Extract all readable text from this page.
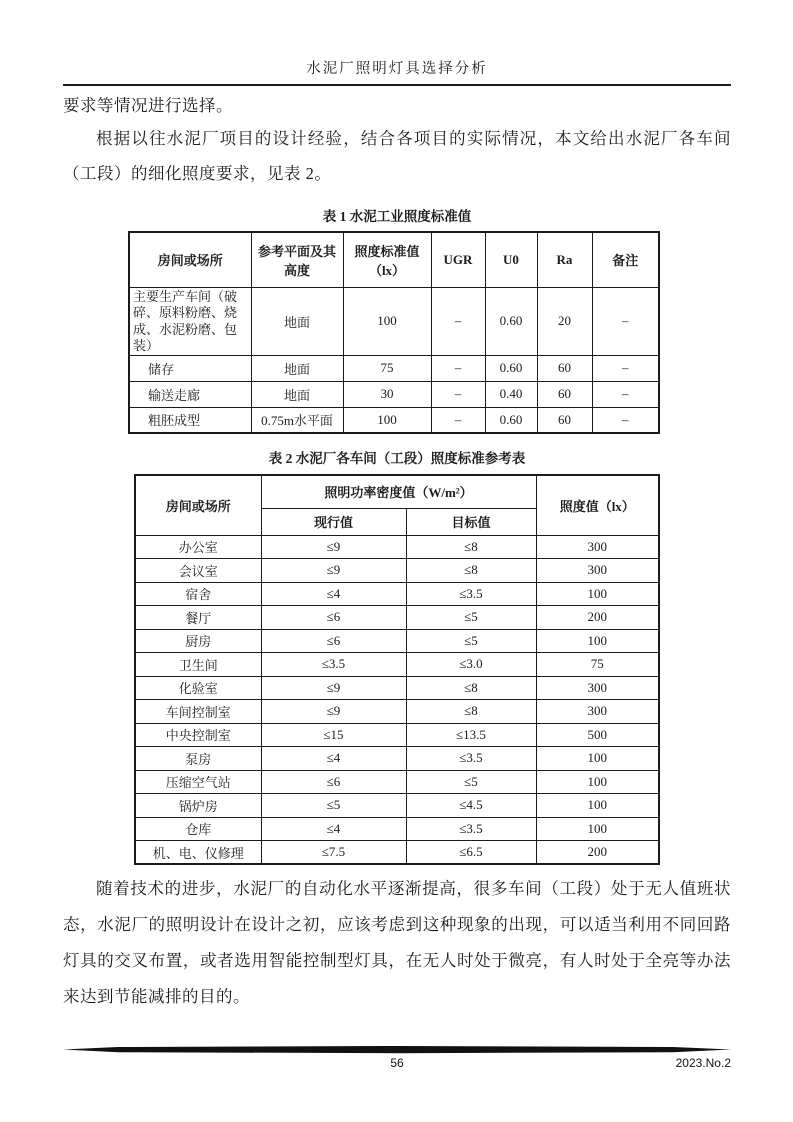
水泥厂照明灯具选择分析
要求等情况进行选择。
根据以往水泥厂项目的设计经验，结合各项目的实际情况，本文给出水泥厂各车间（工段）的细化照度要求，见表 2。
表 1 水泥工业照度标准值
房间或场所	参考平面及其高度	照度标准值（lx）	UGR	U0	Ra	备注

主要生产车间（破碎、原料粉磨、烧成、水泥粉磨、包装）	地面	100	–	0.60	20	–
储存	地面	75	–	0.60	60	–
输送走廊	地面	30	–	0.40	60	–
粗胚成型	0.75m水平面	100	–	0.60	60	–
表 2 水泥厂各车间（工段）照度标准参考表
房间或场所	照明功率密度值（W/m²）		照度值（lx）
	现行值	目标值	
办公室	≤9	≤8	300
会议室	≤9	≤8	300
宿舍	≤4	≤3.5	100
餐厅	≤6	≤5	200
厨房	≤6	≤5	100
卫生间	≤3.5	≤3.0	75
化验室	≤9	≤8	300
车间控制室	≤9	≤8	300
中央控制室	≤15	≤13.5	500
泵房	≤4	≤3.5	100
压缩空气站	≤6	≤5	100
锅炉房	≤5	≤4.5	100
仓库	≤4	≤3.5	100
机、电、仪修理	≤7.5	≤6.5	200
随着技术的进步，水泥厂的自动化水平逐渐提高，很多车间（工段）处于无人值班状态，水泥厂的照明设计在设计之初，应该考虑到这种现象的出现，可以适当利用不同回路灯具的交叉布置，或者选用智能控制型灯具，在无人时处于微亮，有人时处于全亮等办法来达到节能减排的目的。
56	2023.No.2
